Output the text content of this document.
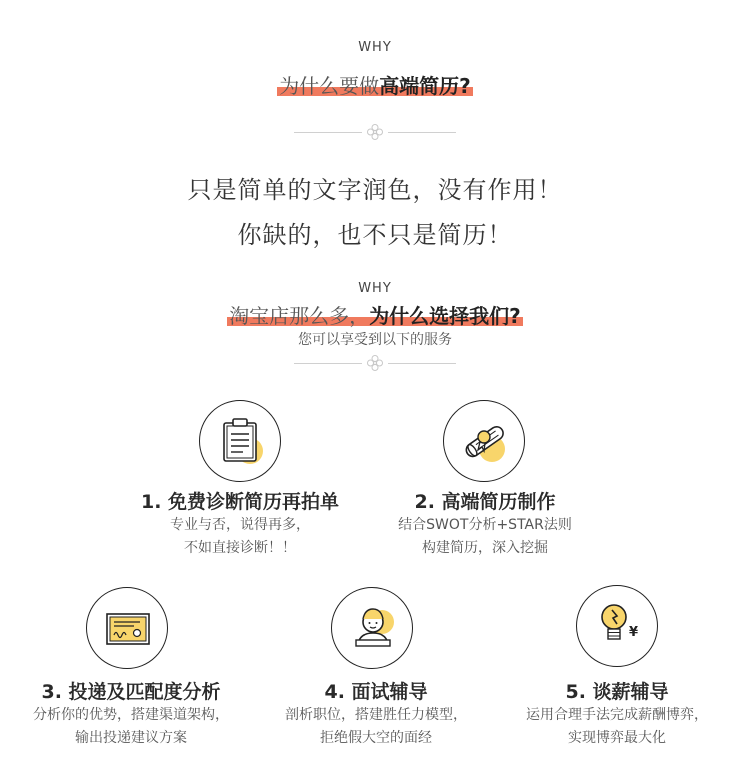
WHY
为什么要做高端简历?
只是简单的文字润色，没有作用！
你缺的，也不只是简历！
WHY
淘宝店那么多，为什么选择我们?
您可以享受到以下的服务
1. 免费诊断简历再拍单
专业与否，说得再多，
不如直接诊断！！
2. 高端简历制作
结合SWOT分析+STAR法则
构建简历，深入挖掘
3. 投递及匹配度分析
分析你的优势，搭建渠道架构，
输出投递建议方案
4. 面试辅导
剖析职位，搭建胜任力模型，
拒绝假大空的面经
¥
5. 谈薪辅导
运用合理手法完成薪酬博弈，
实现博弈最大化
